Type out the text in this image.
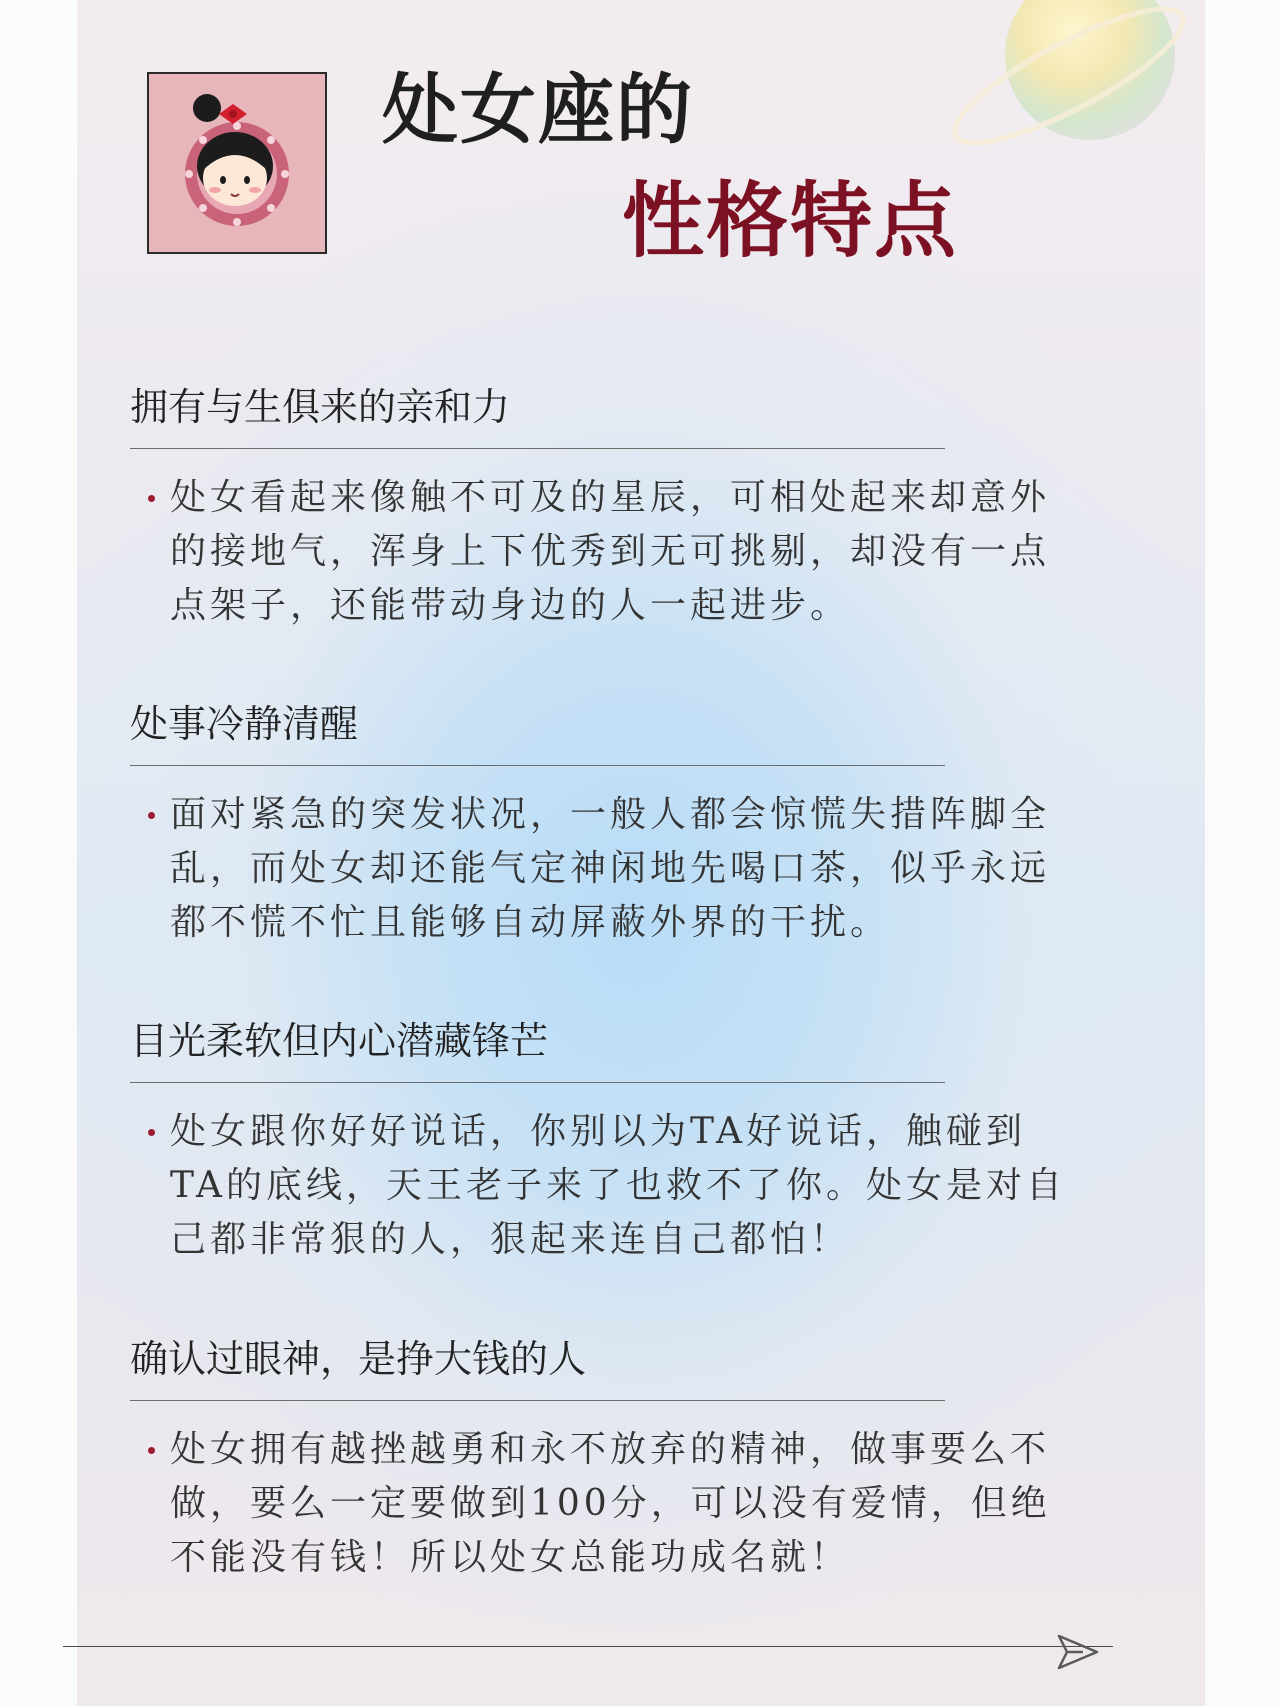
处女座的
性格特点
拥有与生俱来的亲和力
处女看起来像触不可及的星辰，可相处起来却意外的接地气，浑身上下优秀到无可挑剔，却没有一点点架子，还能带动身边的人一起进步。
处事冷静清醒
面对紧急的突发状况，一般人都会惊慌失措阵脚全乱，而处女却还能气定神闲地先喝口茶，似乎永远都不慌不忙且能够自动屏蔽外界的干扰。
目光柔软但内心潜藏锋芒
处女跟你好好说话，你别以为TA好说话，触碰到TA的底线，天王老子来了也救不了你。处女是对自己都非常狠的人，狠起来连自己都怕！
确认过眼神，是挣大钱的人
处女拥有越挫越勇和永不放弃的精神，做事要么不做，要么一定要做到100分，可以没有爱情，但绝不能没有钱！所以处女总能功成名就！
